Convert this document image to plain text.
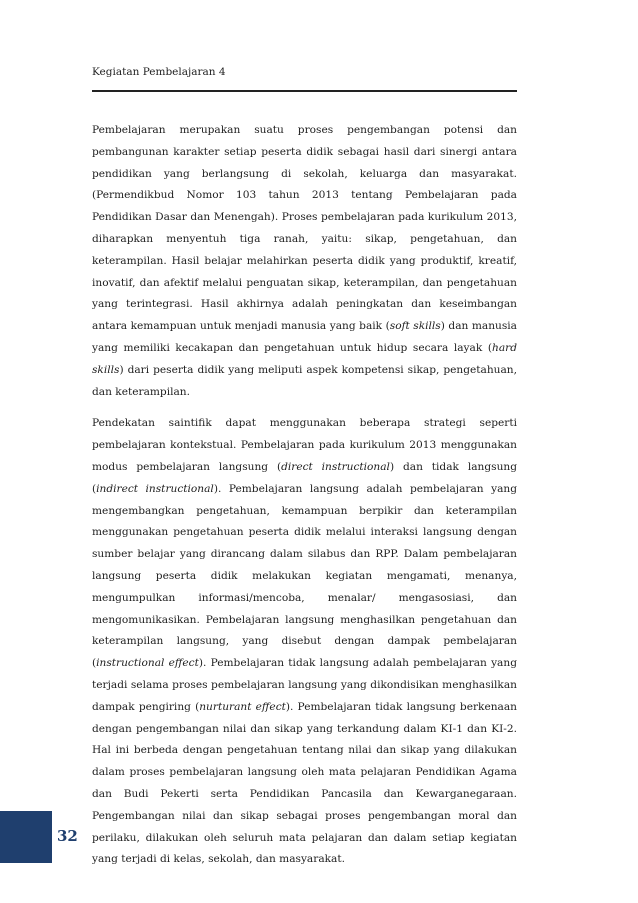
Kegiatan Pembelajaran 4

Pembelajaran merupakan suatu proses pengembangan potensi dan pembangunan karakter setiap peserta didik sebagai hasil dari sinergi antara pendidikan yang berlangsung di sekolah, keluarga dan masyarakat. (Permendikbud Nomor 103 tahun 2013 tentang Pembelajaran pada Pendidikan Dasar dan Menengah). Proses pembelajaran pada kurikulum 2013, diharapkan menyentuh tiga ranah, yaitu: sikap, pengetahuan, dan keterampilan. Hasil belajar melahirkan peserta didik yang produktif, kreatif, inovatif, dan afektif melalui penguatan sikap, keterampilan, dan pengetahuan yang terintegrasi. Hasil akhirnya adalah peningkatan dan keseimbangan antara kemampuan untuk menjadi manusia yang baik (soft skills) dan manusia yang memiliki kecakapan dan pengetahuan untuk hidup secara layak (hard skills) dari peserta didik yang meliputi aspek kompetensi sikap, pengetahuan, dan keterampilan.

Pendekatan saintifik dapat menggunakan beberapa strategi seperti pembelajaran kontekstual. Pembelajaran pada kurikulum 2013 menggunakan modus pembelajaran langsung (direct instructional) dan tidak langsung (indirect instructional). Pembelajaran langsung adalah pembelajaran yang mengembangkan pengetahuan, kemampuan berpikir dan keterampilan menggunakan pengetahuan peserta didik melalui interaksi langsung dengan sumber belajar yang dirancang dalam silabus dan RPP. Dalam pembelajaran langsung peserta didik melakukan kegiatan mengamati, menanya, mengumpulkan informasi/mencoba, menalar/ mengasosiasi, dan mengomunikasikan. Pembelajaran langsung menghasilkan pengetahuan dan keterampilan langsung, yang disebut dengan dampak pembelajaran (instructional effect). Pembelajaran tidak langsung adalah pembelajaran yang terjadi selama proses pembelajaran langsung yang dikondisikan menghasilkan dampak pengiring (nurturant effect). Pembelajaran tidak langsung berkenaan dengan pengembangan nilai dan sikap yang terkandung dalam KI-1 dan KI-2. Hal ini berbeda dengan pengetahuan tentang nilai dan sikap yang dilakukan dalam proses pembelajaran langsung oleh mata pelajaran Pendidikan Agama dan Budi Pekerti serta Pendidikan Pancasila dan Kewarganegaraan. Pengembangan nilai dan sikap sebagai proses pengembangan moral dan perilaku, dilakukan oleh seluruh mata pelajaran dan dalam setiap kegiatan yang terjadi di kelas, sekolah, dan masyarakat.

32
